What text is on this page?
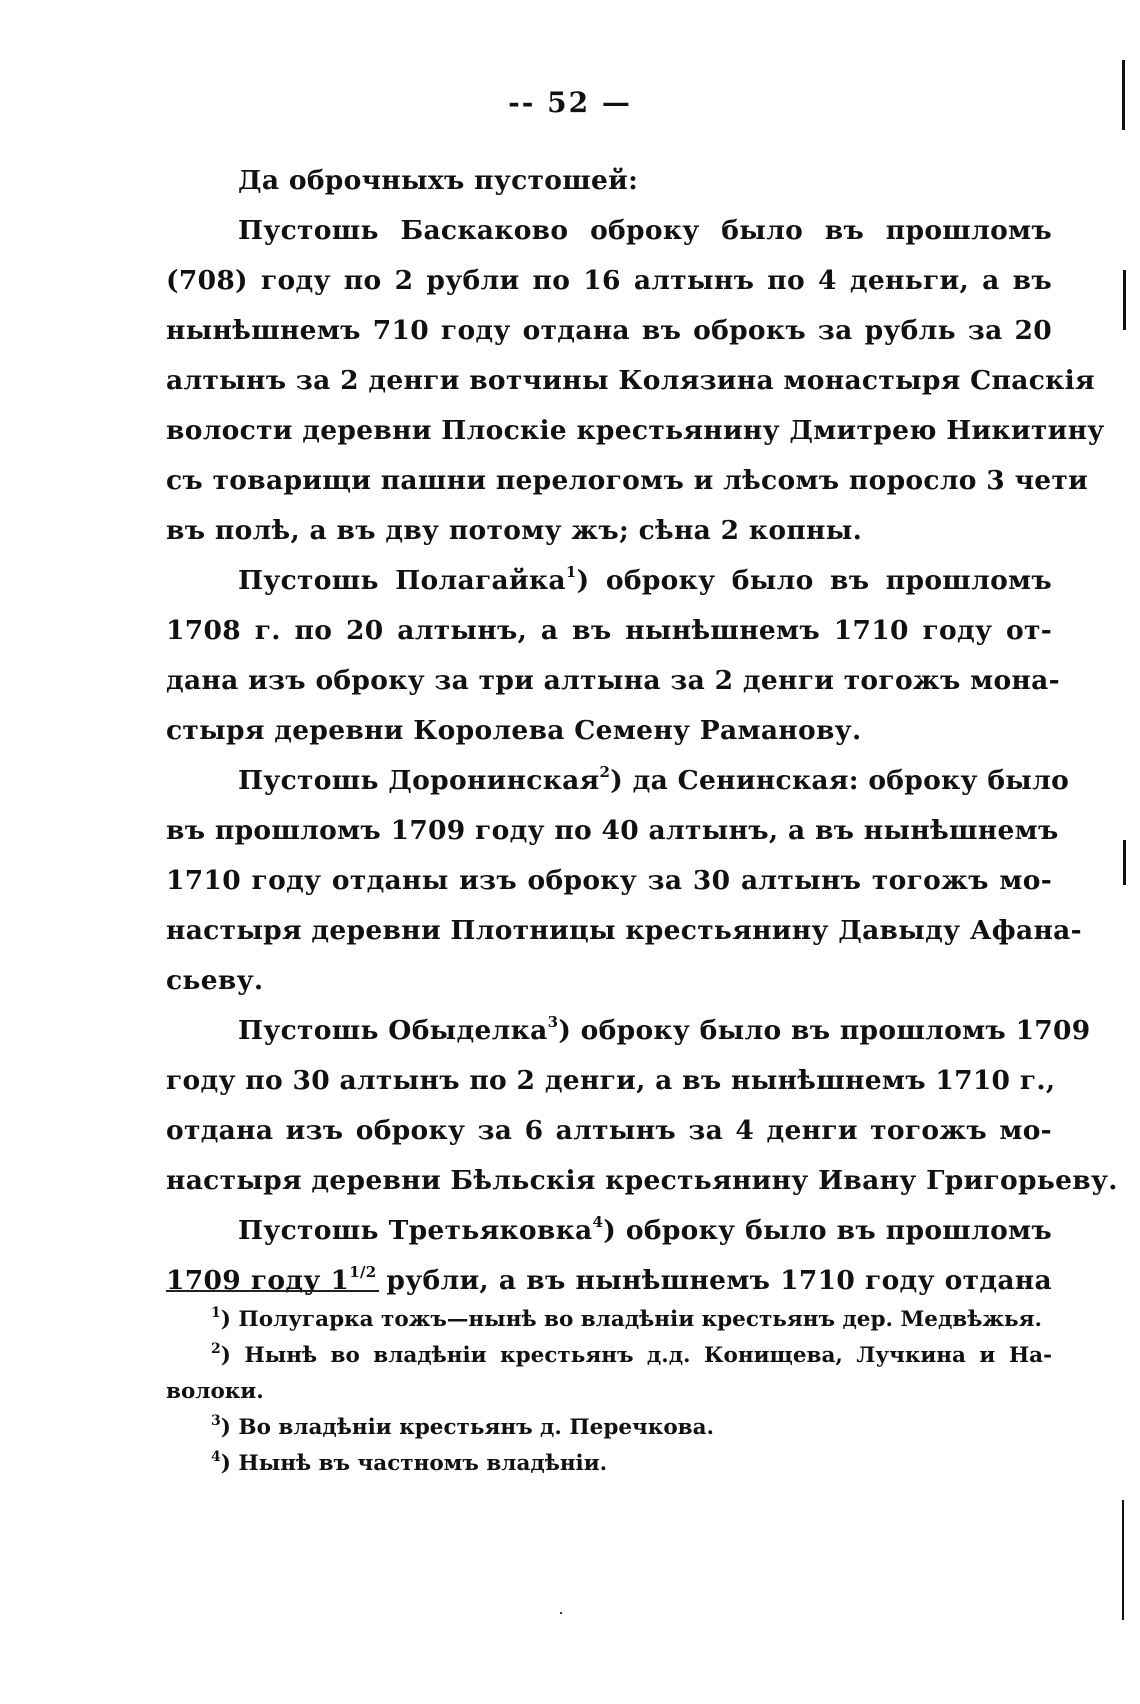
-- 52 —
Да оброчныхъ пустошей:
Пустошь Баскаково оброку было въ прошломъ
(708) году по 2 рубли по 16 алтынъ по 4 деньги, а въ
нынѣшнемъ 710 году отдана въ оброкъ за рубль за 20
алтынъ за 2 денги вотчины Колязина монастыря Спаскія
волости деревни Плоскіе крестьянину Дмитрею Никитину
съ товарищи пашни перелогомъ и лѣсомъ поросло 3 чети
въ полѣ, а въ дву потому жъ; сѣна 2 копны.
Пустошь Полагайка$^1$) оброку было въ прошломъ
1708 г. по 20 алтынъ, а въ нынѣшнемъ 1710 году от-
дана изъ оброку за три алтына за 2 денги тогожъ мона-
стыря деревни Королева Семену Раманову.
Пустошь Доронинская$^2$) да Сенинская: оброку было
въ прошломъ 1709 году по 40 алтынъ, а въ нынѣшнемъ
1710 году отданы изъ оброку за 30 алтынъ тогожъ мо-
настыря деревни Плотницы крестьянину Давыду Афана-
сьеву.
Пустошь Обыделка$^3$) оброку было въ прошломъ 1709
году по 30 алтынъ по 2 денги, а въ нынѣшнемъ 1710 г.,
отдана изъ оброку за 6 алтынъ за 4 денги тогожъ мо-
настыря деревни Бѣльскія крестьянину Ивану Григорьеву.
Пустошь Третьяковка$^4$) оброку было въ прошломъ
1709 году $1^{1/2}$ рубли, а въ нынѣшнемъ 1710 году отдана
$^1$) Полугарка тожъ—нынѣ во владѣніи крестьянъ дер. Медвѣжья.
$^2$) Нынѣ во владѣніи крестьянъ д.д. Конищева, Лучкина и На-
волоки.
$^3$) Во владѣніи крестьянъ д. Перечкова.
$^4$) Нынѣ въ частномъ владѣніи.
